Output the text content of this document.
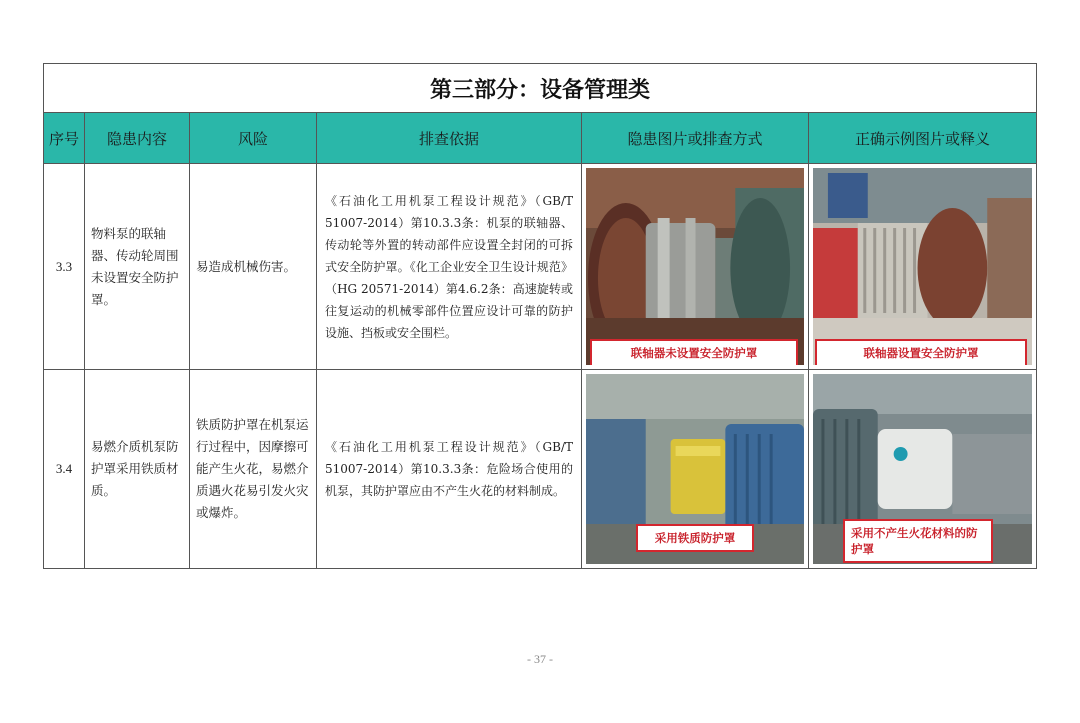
第三部分：设备管理类					
序号	隐患内容	风险	排查依据	隐患图片或排查方式	正确示例图片或释义
3.3	物料泵的联轴器、传动轮周围未设置安全防护罩。	易造成机械伤害。	《石油化工用机泵工程设计规范》（GB/T 51007-2014）第10.3.3条：机泵的联轴器、传动轮等外置的转动部件应设置全封闭的可拆式安全防护罩。《化工企业安全卫生设计规范》（HG 20571-2014）第4.6.2条：高速旋转或往复运动的机械零部件位置应设计可靠的防护设施、挡板或安全围栏。	联轴器未设置安全防护罩	联轴器设置安全防护罩

3.4	易燃介质机泵防护罩采用铁质材质。	铁质防护罩在机泵运行过程中，因摩擦可能产生火花，易燃介质遇火花易引发火灾或爆炸。	《石油化工用机泵工程设计规范》（GB/T 51007-2014）第10.3.3条：危险场合使用的机泵，其防护罩应由不产生火花的材料制成。	采用铁质防护罩	采用不产生火花材料的防护罩
- 37 -
